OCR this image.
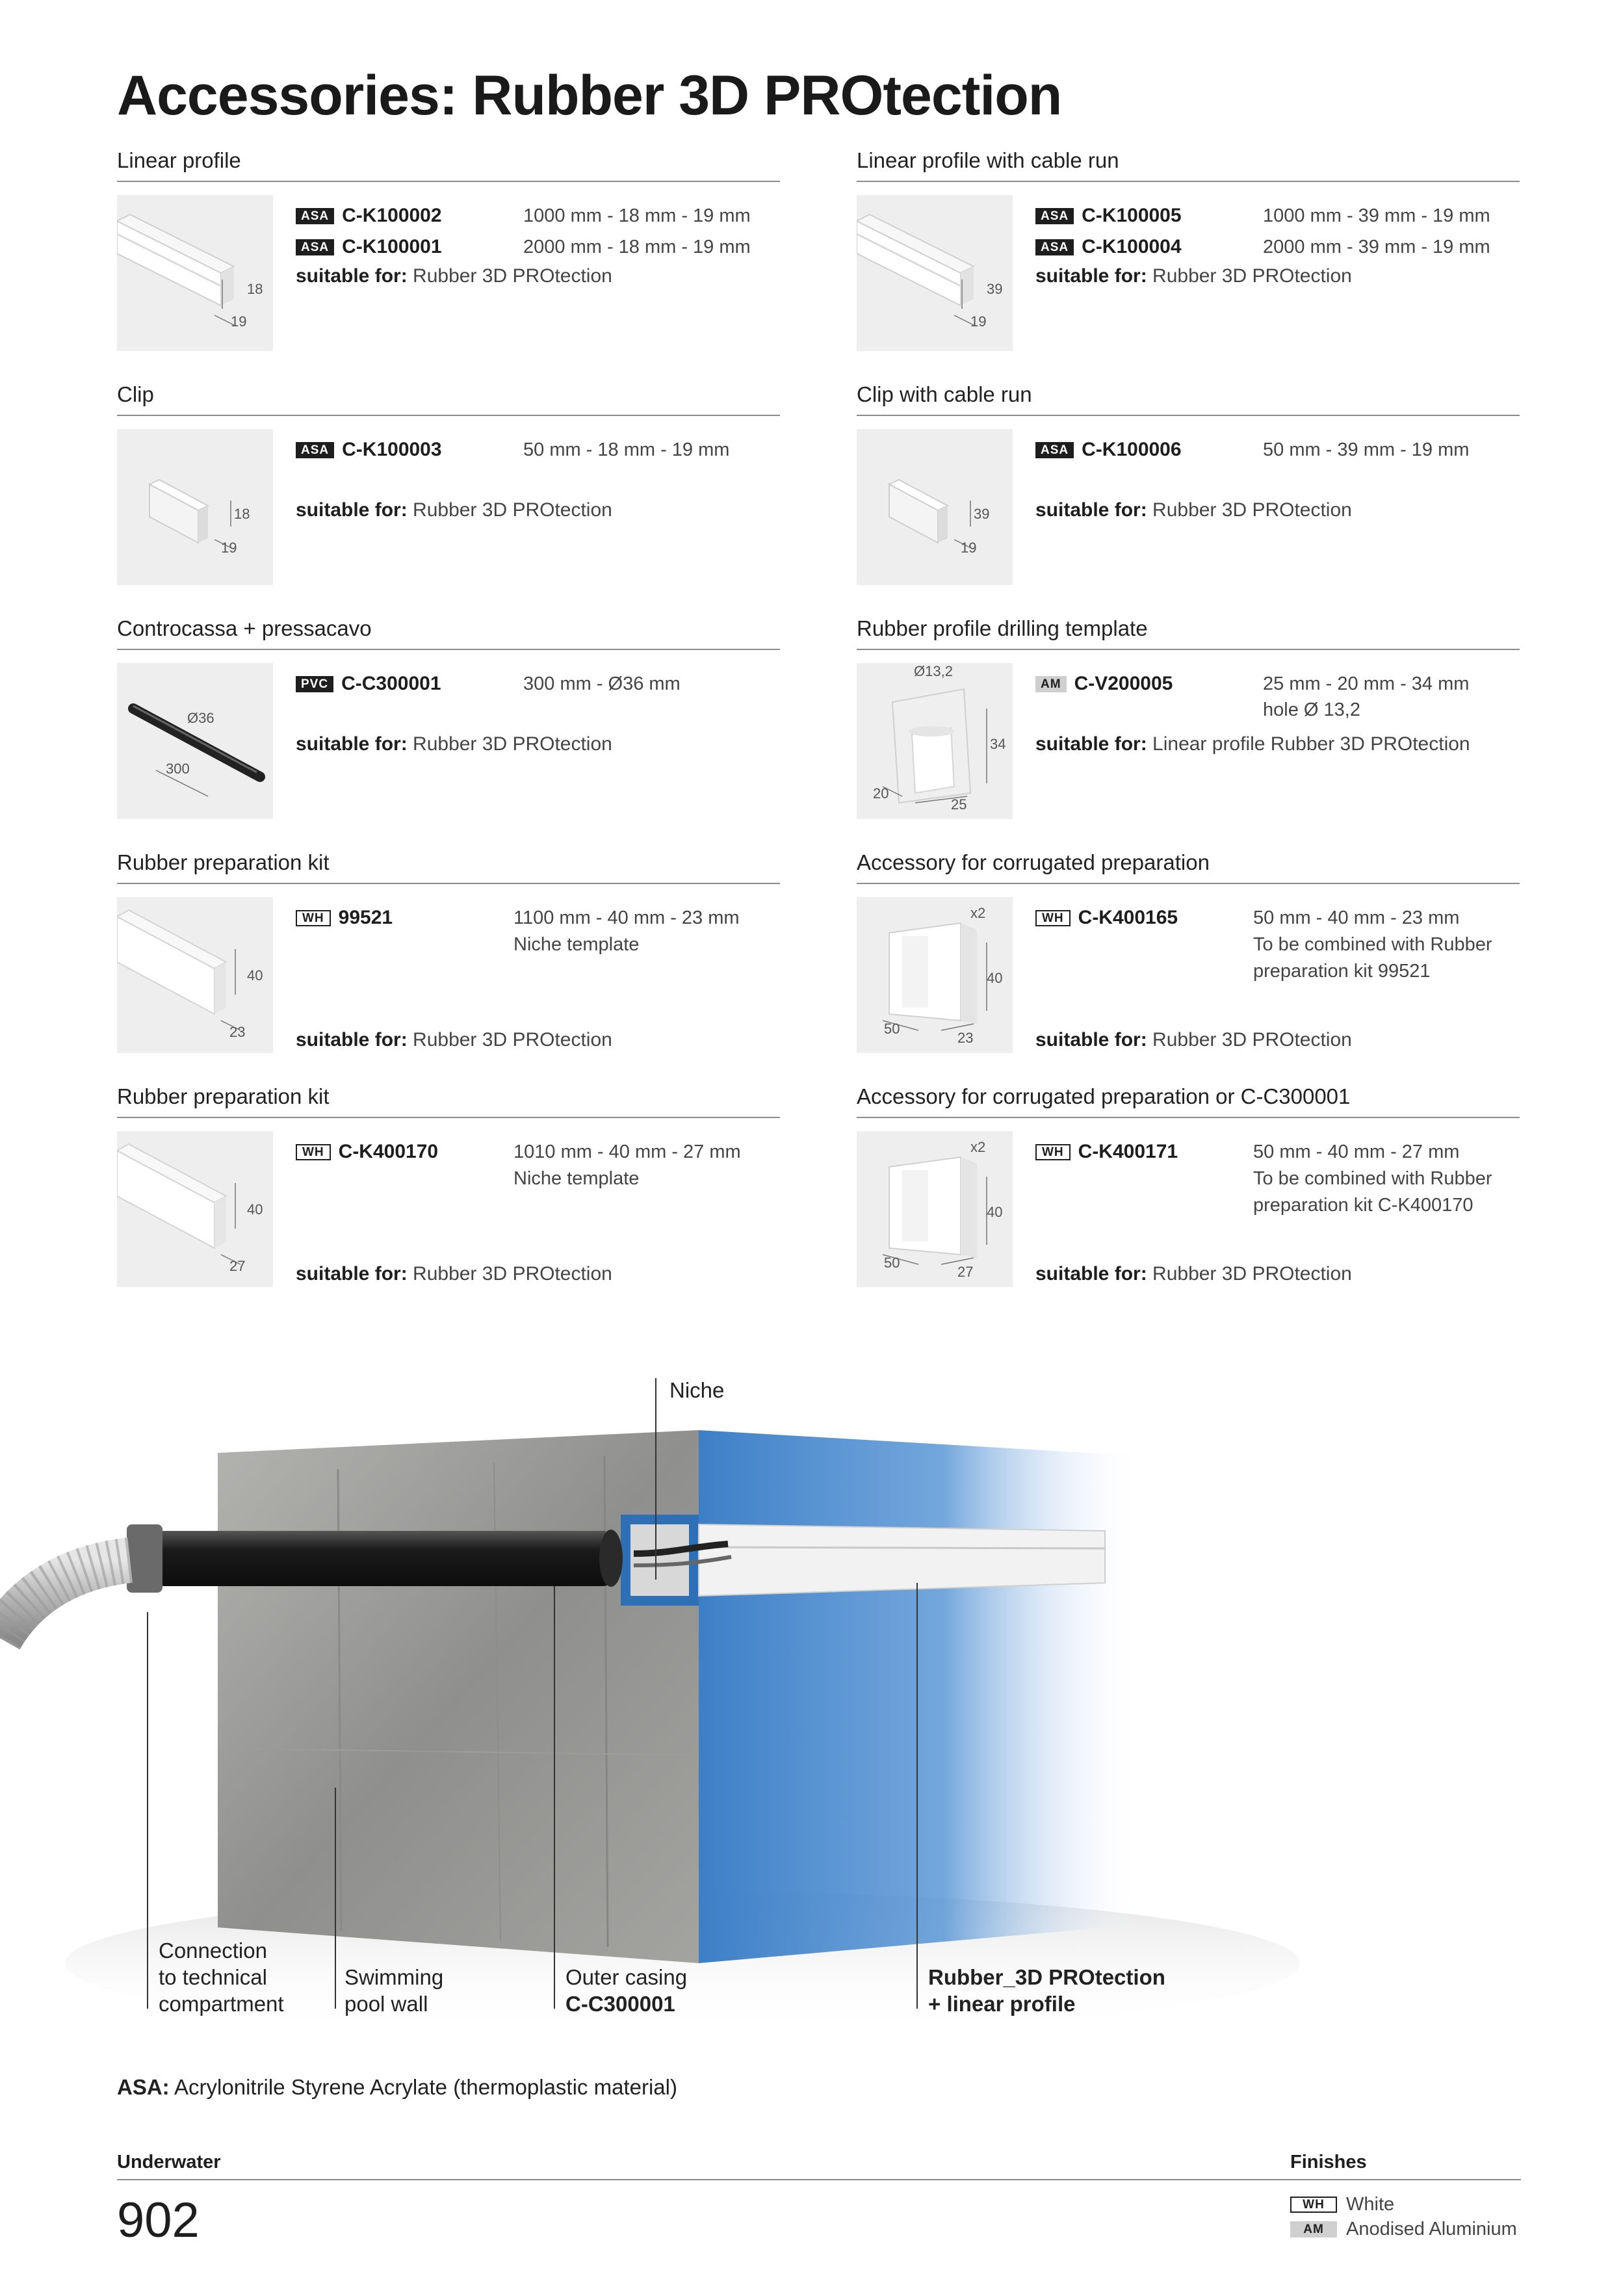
Accessories: Rubber 3D PROtection
Linear profile
18
19
ASA C-K100002	1000 mm - 18 mm - 19 mm
ASA C-K100001	2000 mm - 18 mm - 19 mm
suitable for: Rubber 3D PROtection
Linear profile with cable run
39
19
ASA C-K100005	1000 mm - 39 mm - 19 mm
ASA C-K100004	2000 mm - 39 mm - 19 mm
suitable for: Rubber 3D PROtection
Clip
18
19
ASA C-K100003	50 mm - 18 mm - 19 mm
suitable for: Rubber 3D PROtection
Clip with cable run
39
19
ASA C-K100006	50 mm - 39 mm - 19 mm
suitable for: Rubber 3D PROtection
Controcassa + pressacavo
Ø36
300
PVC C-C300001	300 mm - Ø36 mm
suitable for: Rubber 3D PROtection
Rubber profile drilling template
Ø13,2
34
20
25
AM C-V200005	25 mm - 20 mm - 34 mm
hole Ø 13,2
suitable for: Linear profile Rubber 3D PROtection
Rubber preparation kit
40
23
WH 99521	1100 mm - 40 mm - 23 mm
Niche template
suitable for: Rubber 3D PROtection
Accessory for corrugated preparation
x2
40
50
23
WH C-K400165	50 mm - 40 mm - 23 mm
To be combined with Rubber
preparation kit 99521
suitable for: Rubber 3D PROtection
Rubber preparation kit
40
27
WH C-K400170	1010 mm - 40 mm - 27 mm
Niche template
suitable for: Rubber 3D PROtection
Accessory for corrugated preparation or C-C300001
x2
40
50
27
WH C-K400171	50 mm - 40 mm - 27 mm
To be combined with Rubber
preparation kit C-K400170
suitable for: Rubber 3D PROtection
Niche
Connection
to technical
compartment
Swimming
pool wall
Outer casing
C-C300001
Rubber_3D PROtection
+ linear profile
ASA: Acrylonitrile Styrene Acrylate (thermoplastic material)
Underwater	Finishes
902	WH	White
AM	Anodised Aluminium
